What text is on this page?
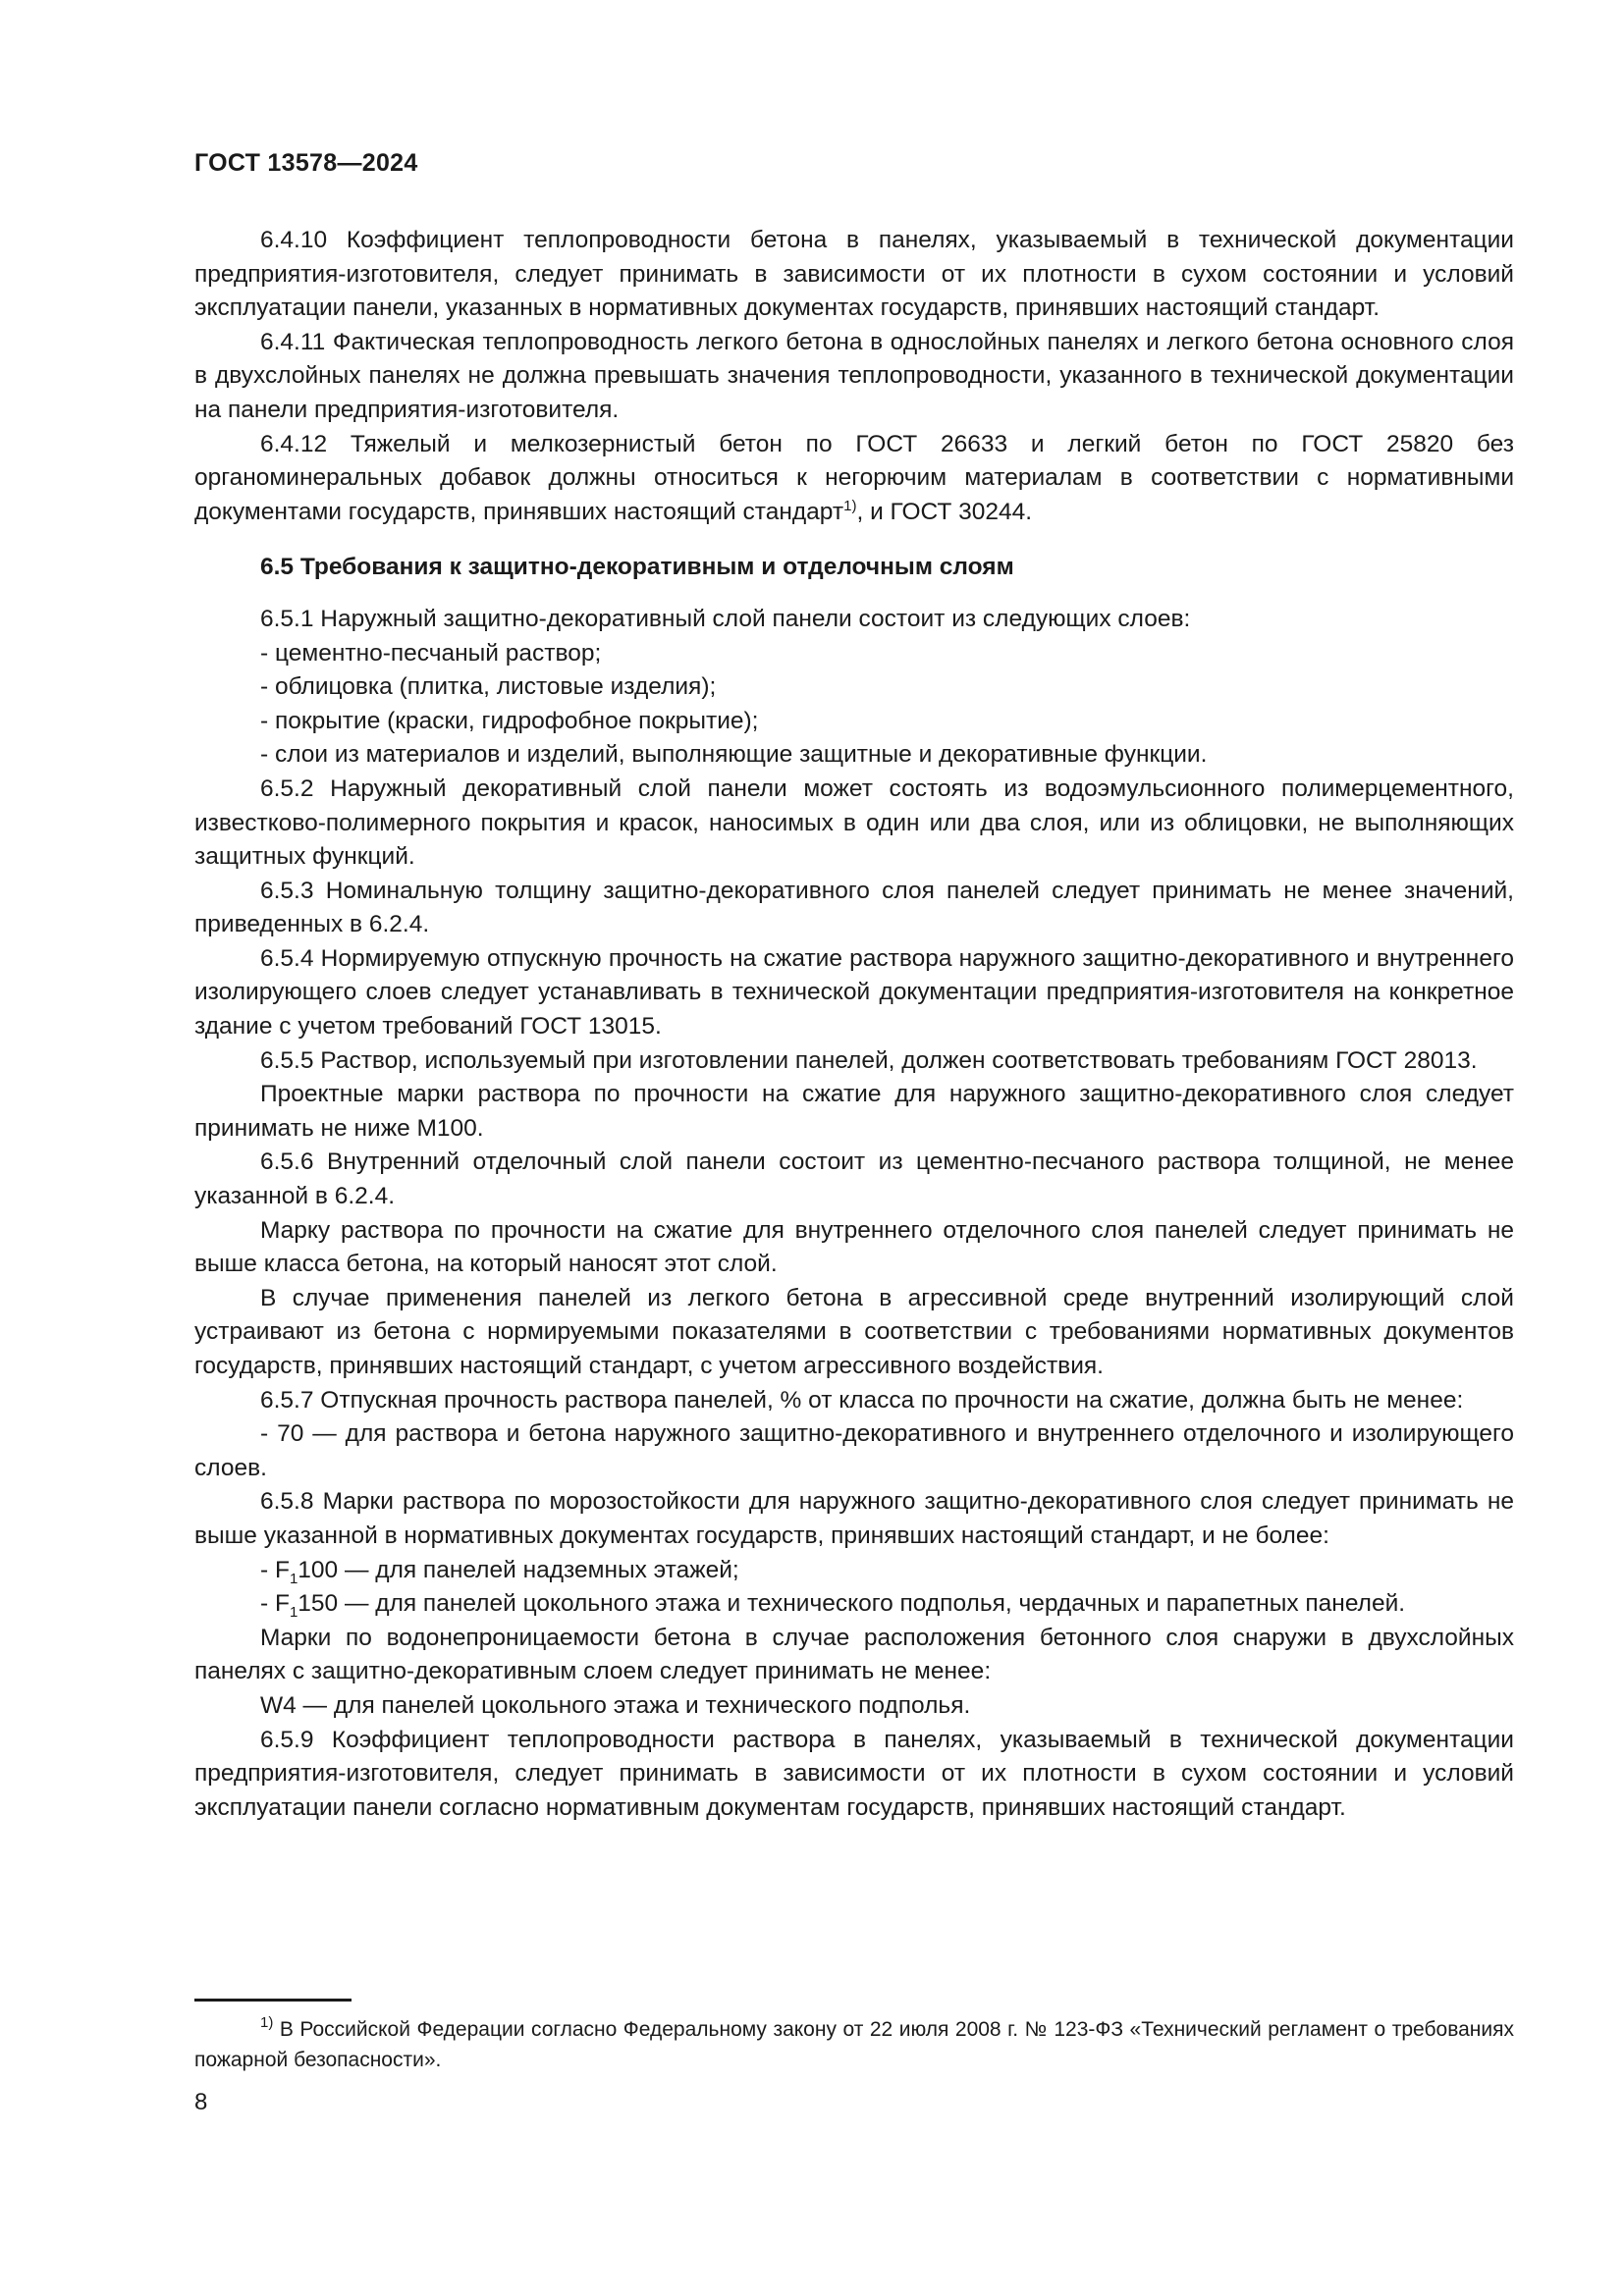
ГОСТ 13578—2024

6.4.10 Коэффициент теплопроводности бетона в панелях, указываемый в технической документации предприятия-изготовителя, следует принимать в зависимости от их плотности в сухом состоянии и условий эксплуатации панели, указанных в нормативных документах государств, принявших настоящий стандарт.

6.4.11 Фактическая теплопроводность легкого бетона в однослойных панелях и легкого бетона основного слоя в двухслойных панелях не должна превышать значения теплопроводности, указанного в технической документации на панели предприятия-изготовителя.

6.4.12 Тяжелый и мелкозернистый бетон по ГОСТ 26633 и легкий бетон по ГОСТ 25820 без органоминеральных добавок должны относиться к негорючим материалам в соответствии с нормативными документами государств, принявших настоящий стандарт$^{1)}$, и ГОСТ 30244.

6.5 Требования к защитно-декоративным и отделочным слоям

6.5.1 Наружный защитно-декоративный слой панели состоит из следующих слоев:

- цементно-песчаный раствор;

- облицовка (плитка, листовые изделия);

- покрытие (краски, гидрофобное покрытие);

- слои из материалов и изделий, выполняющие защитные и декоративные функции.

6.5.2 Наружный декоративный слой панели может состоять из водоэмульсионного полимерцементного, известково-полимерного покрытия и красок, наносимых в один или два слоя, или из облицовки, не выполняющих защитных функций.

6.5.3 Номинальную толщину защитно-декоративного слоя панелей следует принимать не менее значений, приведенных в 6.2.4.

6.5.4 Нормируемую отпускную прочность на сжатие раствора наружного защитно-декоративного и внутреннего изолирующего слоев следует устанавливать в технической документации предприятия-изготовителя на конкретное здание с учетом требований ГОСТ 13015.

6.5.5 Раствор, используемый при изготовлении панелей, должен соответствовать требованиям ГОСТ 28013.

Проектные марки раствора по прочности на сжатие для наружного защитно-декоративного слоя следует принимать не ниже М100.

6.5.6 Внутренний отделочный слой панели состоит из цементно-песчаного раствора толщиной, не менее указанной в 6.2.4.

Марку раствора по прочности на сжатие для внутреннего отделочного слоя панелей следует принимать не выше класса бетона, на который наносят этот слой.

В случае применения панелей из легкого бетона в агрессивной среде внутренний изолирующий слой устраивают из бетона с нормируемыми показателями в соответствии с требованиями нормативных документов государств, принявших настоящий стандарт, с учетом агрессивного воздействия.

6.5.7 Отпускная прочность раствора панелей, % от класса по прочности на сжатие, должна быть не менее:

- 70 — для раствора и бетона наружного защитно-декоративного и внутреннего отделочного и изолирующего слоев.

6.5.8 Марки раствора по морозостойкости для наружного защитно-декоративного слоя следует принимать не выше указанной в нормативных документах государств, принявших настоящий стандарт, и не более:

- $F_1100$ — для панелей надземных этажей;

- $F_1150$ — для панелей цокольного этажа и технического подполья, чердачных и парапетных панелей.

Марки по водонепроницаемости бетона в случае расположения бетонного слоя снаружи в двухслойных панелях с защитно-декоративным слоем следует принимать не менее:

W4 — для панелей цокольного этажа и технического подполья.

6.5.9 Коэффициент теплопроводности раствора в панелях, указываемый в технической документации предприятия-изготовителя, следует принимать в зависимости от их плотности в сухом состоянии и условий эксплуатации панели согласно нормативным документам государств, принявших настоящий стандарт.

$^{1)}$ В Российской Федерации согласно Федеральному закону от 22 июля 2008 г. № 123-ФЗ «Технический регламент о требованиях пожарной безопасности».

8
